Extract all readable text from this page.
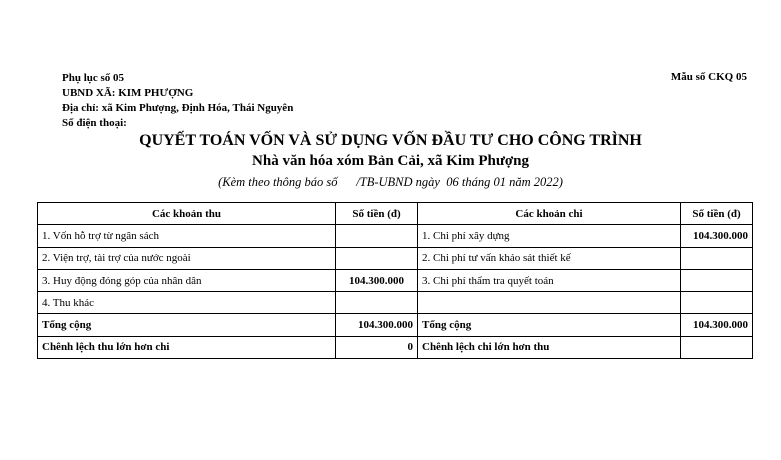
Phụ lục số 05
UBND XÃ: KIM PHƯỢNG
Địa chỉ: xã Kim Phượng, Định Hóa, Thái Nguyên
Số điện thoại:
Mẫu số CKQ 05
QUYẾT TOÁN VỐN VÀ SỬ DỤNG VỐN ĐẦU TƯ CHO CÔNG TRÌNH
Nhà văn hóa xóm Bản Cải, xã Kim Phượng
(Kèm theo thông báo số      /TB-UBND ngày  06 tháng 01 năm 2022)
Các khoản thu	Số tiền (đ)	Các khoản chi	Số tiền (đ)
1. Vốn hỗ trợ từ ngân sách		1. Chi phí xây dựng	104.300.000
2. Viện trợ, tài trợ của nước ngoài		2. Chi phí tư vấn khảo sát thiết kế	
3. Huy động đóng góp của nhân dân	104.300.000	3. Chi phí thẩm tra quyết toán	
4. Thu khác			
Tổng cộng	104.300.000	Tổng cộng	104.300.000
Chênh lệch thu lớn hơn chi	0	Chênh lệch chi lớn hơn thu	
